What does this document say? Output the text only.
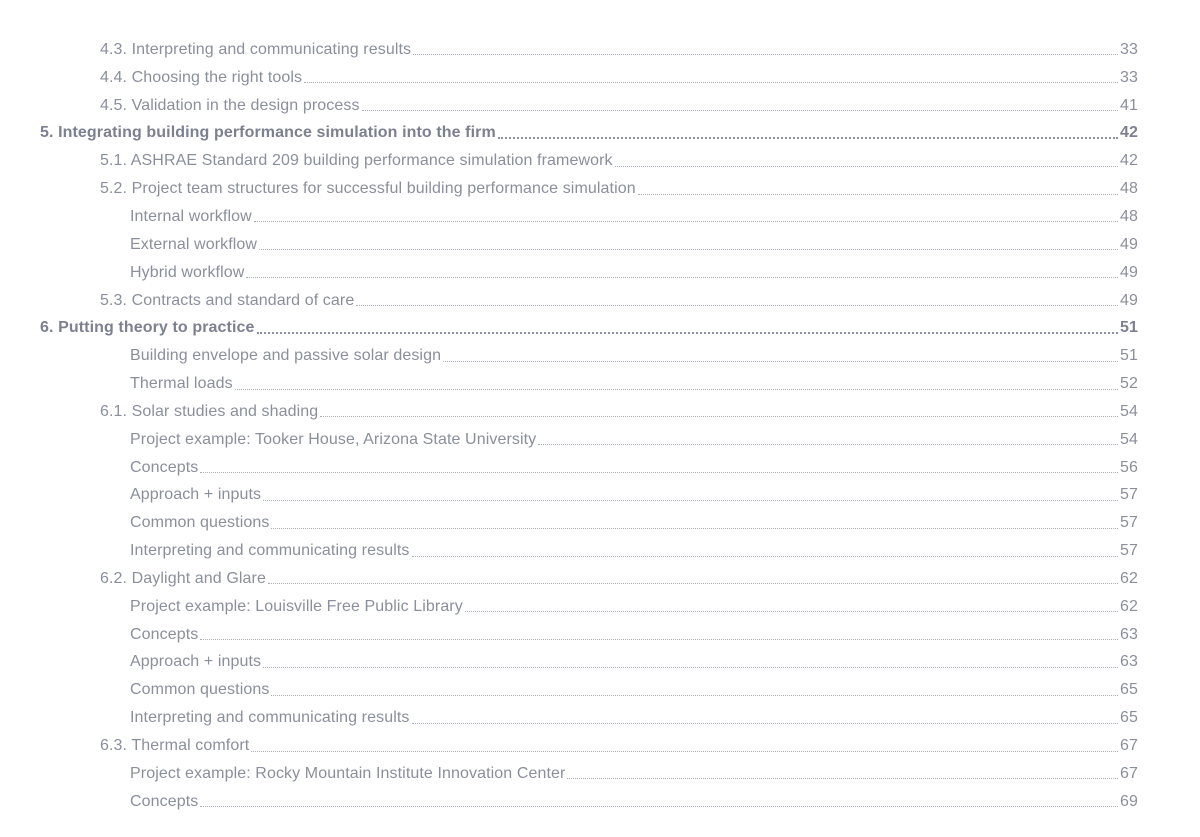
4.3. Interpreting and communicating results	33
4.4. Choosing the right tools	33
4.5. Validation in the design process	41
5. Integrating building performance simulation into the firm	42
5.1. ASHRAE Standard 209 building performance simulation framework	42
5.2. Project team structures for successful building performance simulation	48
Internal workflow	48
External workflow	49
Hybrid workflow	49
5.3. Contracts and standard of care	49
6. Putting theory to practice	51
Building envelope and passive solar design	51
Thermal loads	52
6.1. Solar studies and shading	54
Project example: Tooker House, Arizona State University	54
Concepts	56
Approach + inputs	57
Common questions	57
Interpreting and communicating results	57
6.2. Daylight and Glare	62
Project example: Louisville Free Public Library	62
Concepts	63
Approach + inputs	63
Common questions	65
Interpreting and communicating results	65
6.3. Thermal comfort	67
Project example: Rocky Mountain Institute Innovation Center	67
Concepts	69
